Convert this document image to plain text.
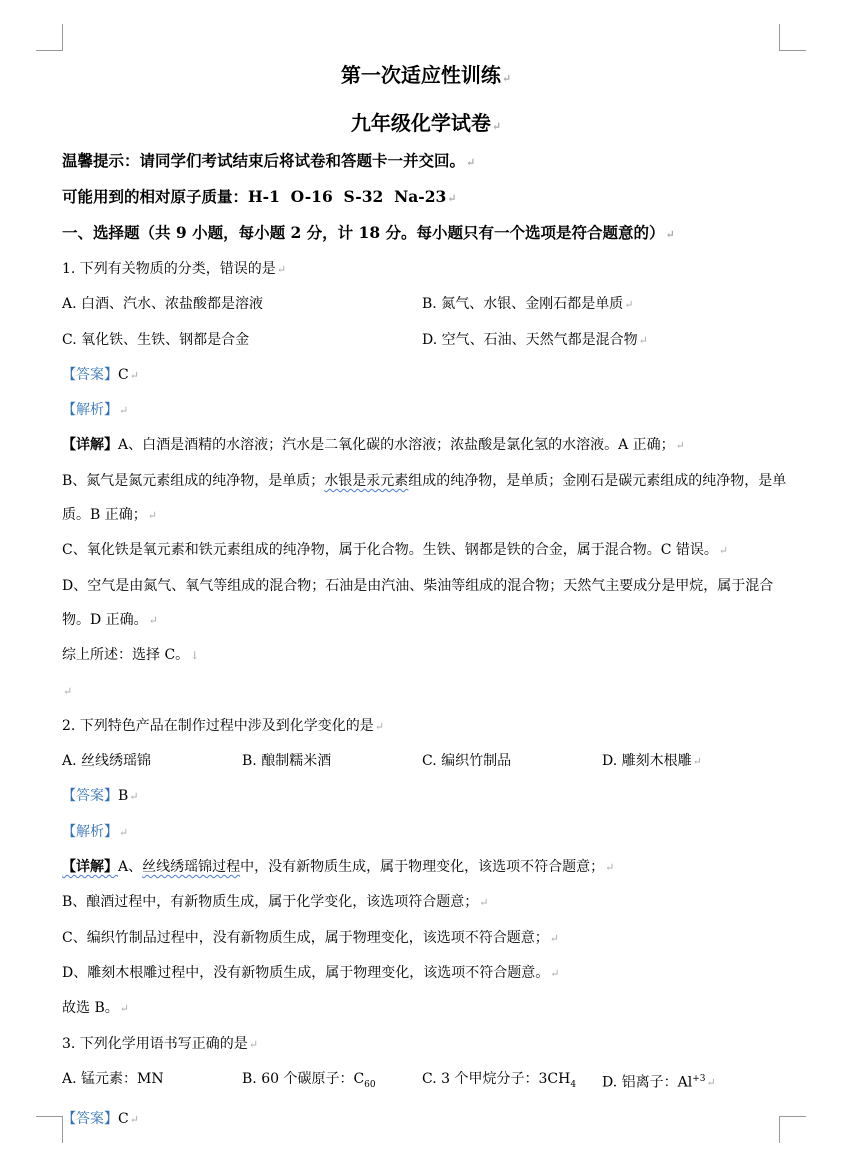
第一次适应性训练↵
九年级化学试卷↵
温馨提示：请同学们考试结束后将试卷和答题卡一并交回。↵
可能用到的相对原子质量：H-1  O-16  S-32  Na-23↵
一、选择题（共 9 小题，每小题 2 分，计 18 分。每小题只有一个选项是符合题意的）↵
1. 下列有关物质的分类，错误的是↵
A. 白酒、汽水、浓盐酸都是溶液	B. 氮气、水银、金刚石都是单质↵
C. 氧化铁、生铁、钢都是合金	D. 空气、石油、天然气都是混合物↵
【答案】C↵
【解析】↵
【详解】A、白酒是酒精的水溶液；汽水是二氧化碳的水溶液；浓盐酸是氯化氢的水溶液。A 正确；↵
B、氮气是氮元素组成的纯净物，是单质；水银是汞元素组成的纯净物，是单质；金刚石是碳元素组成的纯净物，是单质。B 正确；↵
C、氧化铁是氧元素和铁元素组成的纯净物，属于化合物。生铁、钢都是铁的合金，属于混合物。C 错误。↵
D、空气是由氮气、氧气等组成的混合物；石油是由汽油、柴油等组成的混合物；天然气主要成分是甲烷，属于混合物。D 正确。↵
综上所述：选择 C。↓
↵
2. 下列特色产品在制作过程中涉及到化学变化的是↵
A. 丝线绣瑶锦	B. 酿制糯米酒	C. 编织竹制品	D. 雕刻木根雕↵
【答案】B↵
【解析】↵
【详解】A、丝线绣瑶锦过程中，没有新物质生成，属于物理变化，该选项不符合题意；↵
B、酿酒过程中，有新物质生成，属于化学变化，该选项符合题意；↵
C、编织竹制品过程中，没有新物质生成，属于物理变化，该选项不符合题意；↵
D、雕刻木根雕过程中，没有新物质生成，属于物理变化，该选项不符合题意。↵
故选 B。↵
3. 下列化学用语书写正确的是↵
A. 锰元素：MN	B. 60 个碳原子：$C_{60}$	C. 3 个甲烷分子：$3CH_4$	D. 铝离子：$Al^{+3}↵$
【答案】C↵
